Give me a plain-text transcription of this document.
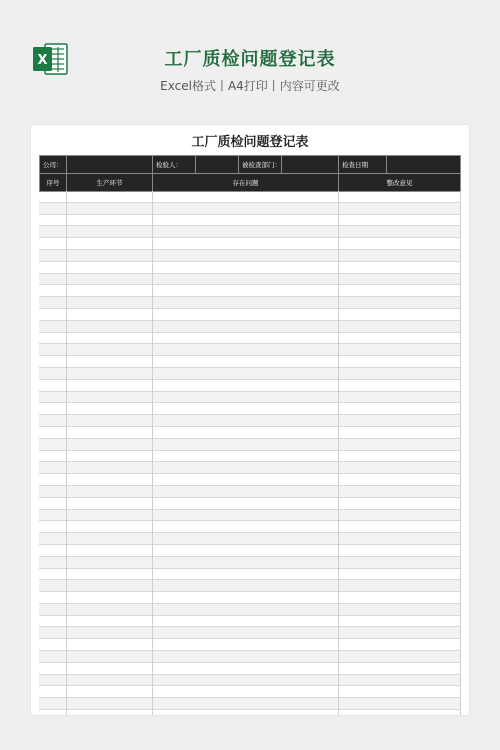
X	工厂质检问题登记表
Excel格式丨A4打印丨内容可更改
工厂质检问题登记表
公司：		检验人：		被检查部门：		检查日期	
序号	生产环节	存在问题				整改意见	
